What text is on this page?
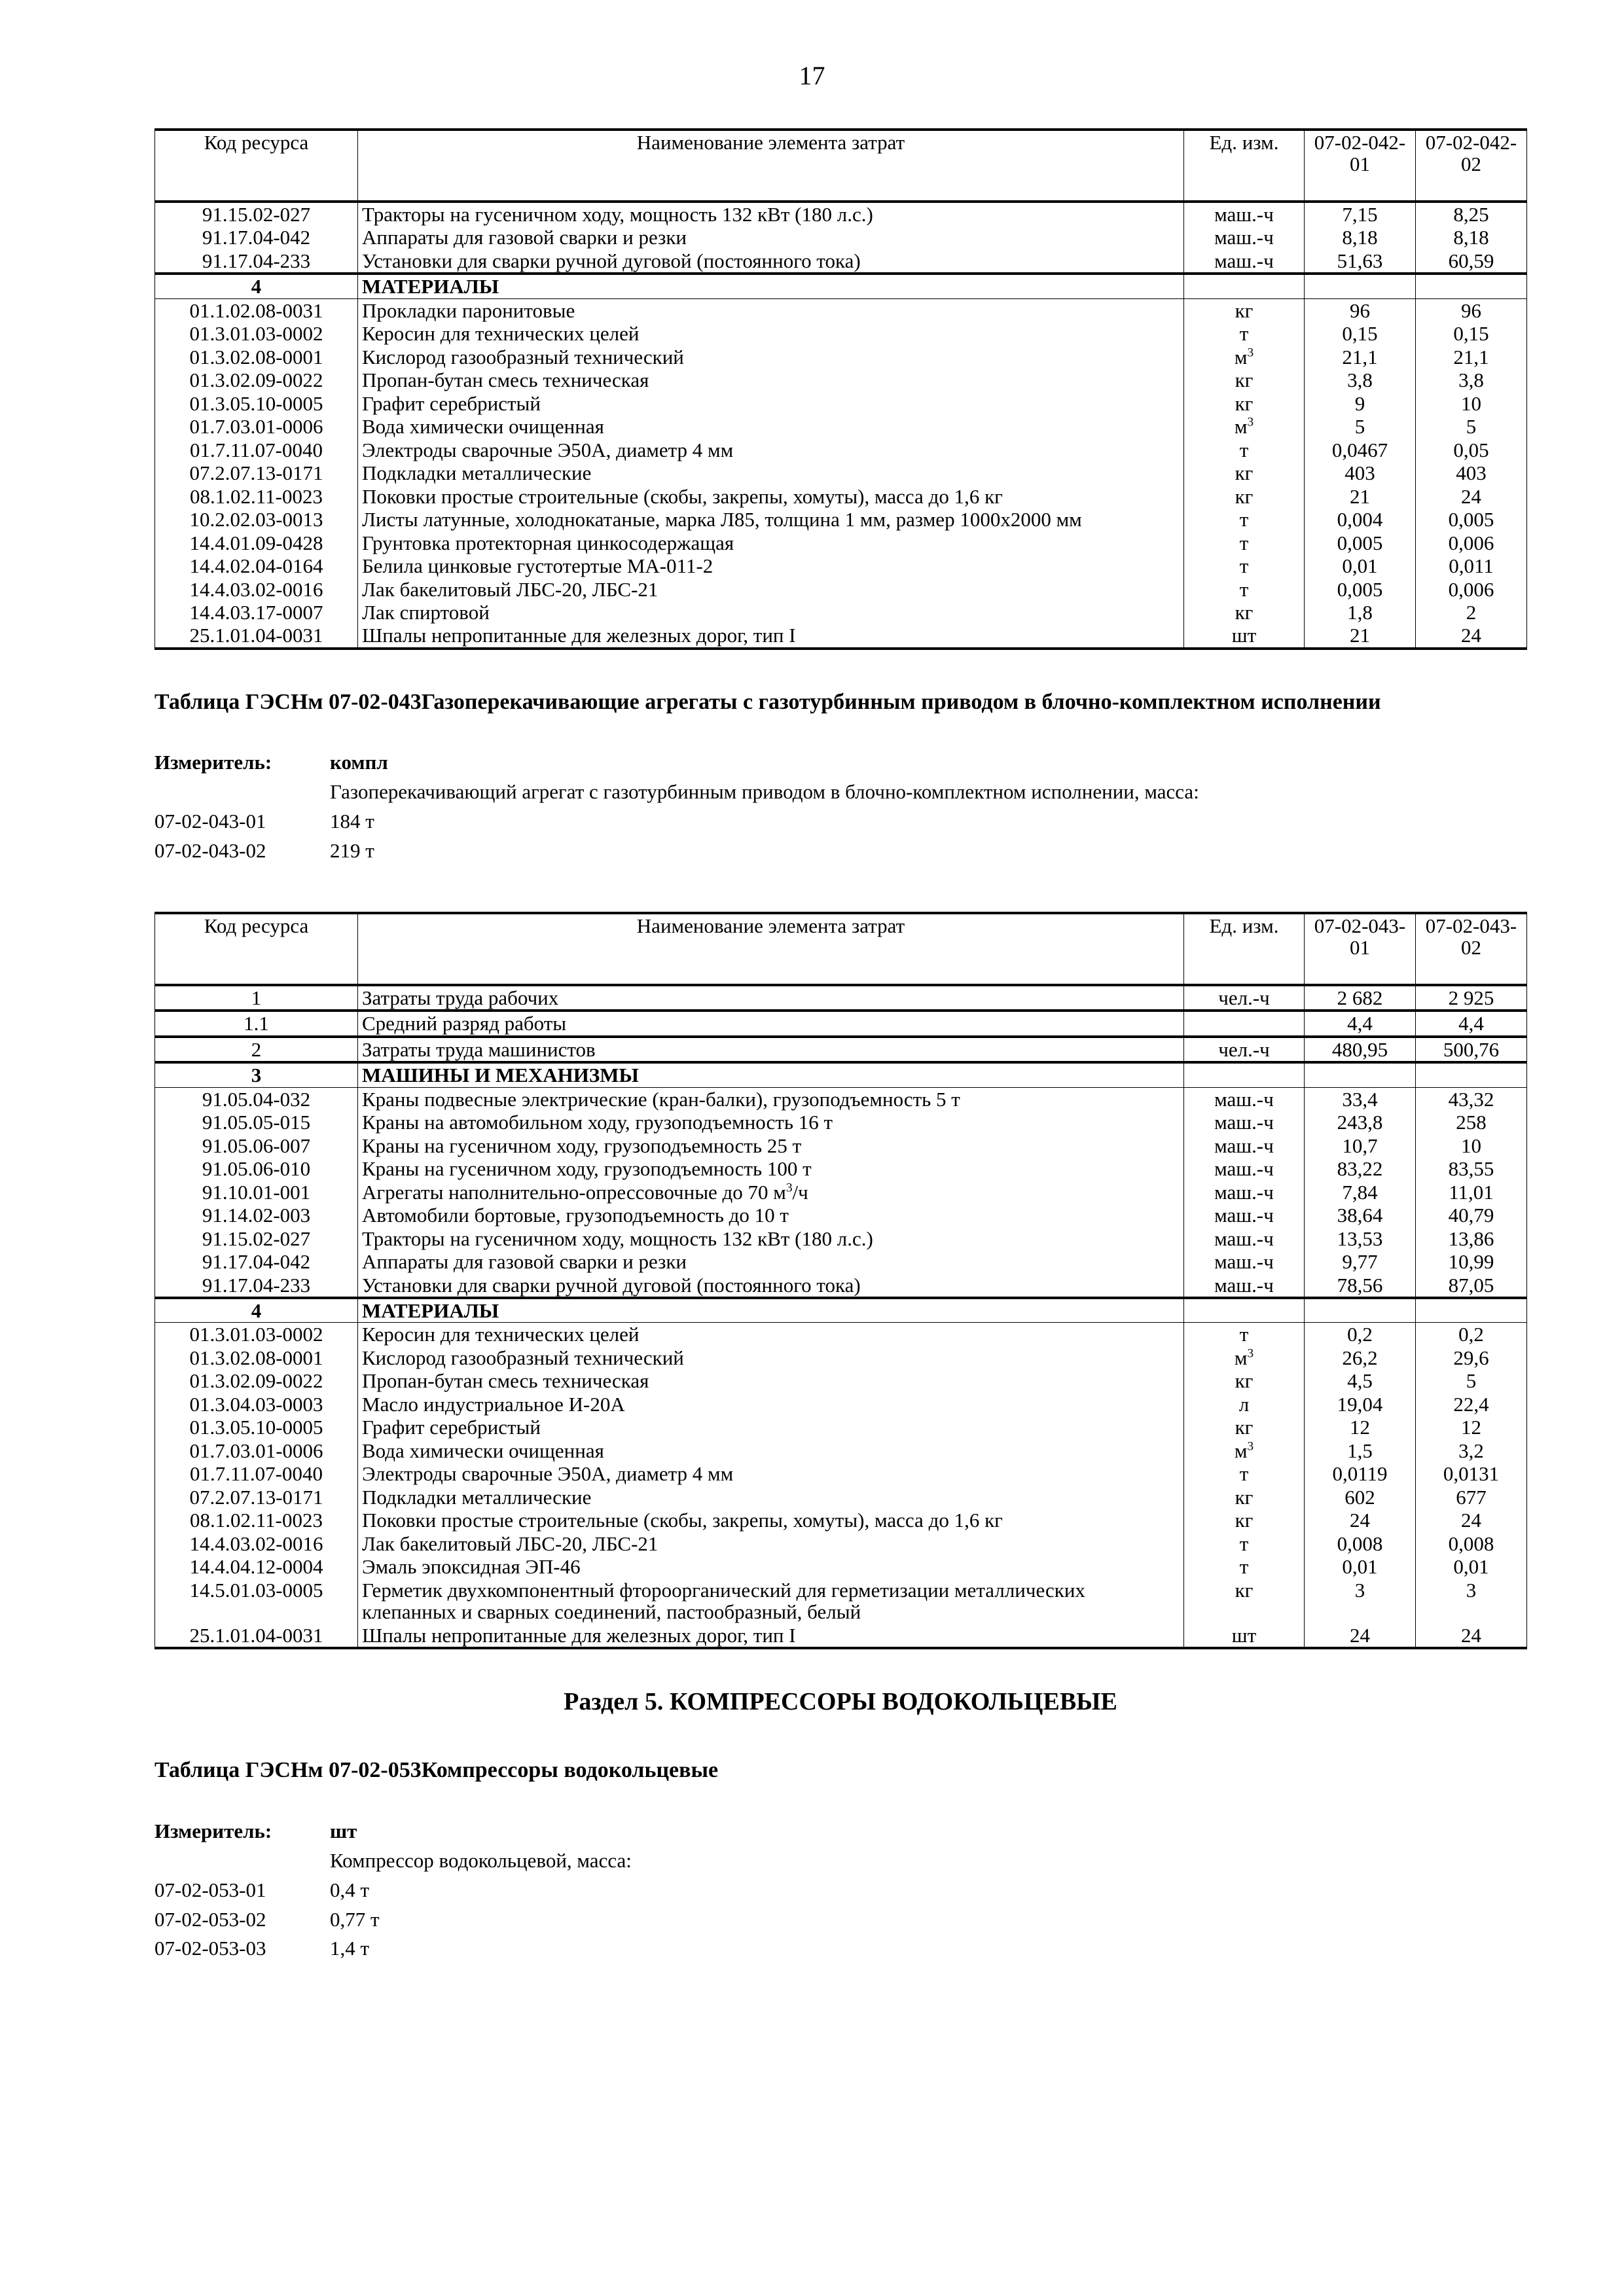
17
Код ресурса	Наименование элемента затрат	Ед. изм.	07-02-042-01	07-02-042-02
91.15.02-027	Тракторы на гусеничном ходу, мощность 132 кВт (180 л.с.)	маш.-ч	7,15	8,25
91.17.04-042	Аппараты для газовой сварки и резки	маш.-ч	8,18	8,18
91.17.04-233	Установки для сварки ручной дуговой (постоянного тока)	маш.-ч	51,63	60,59
4	МАТЕРИАЛЫ			
01.1.02.08-0031	Прокладки паронитовые	кг	96	96
01.3.01.03-0002	Керосин для технических целей	т	0,15	0,15
01.3.02.08-0001	Кислород газообразный технический	$м^3$	21,1	21,1
01.3.02.09-0022	Пропан-бутан смесь техническая	кг	3,8	3,8
01.3.05.10-0005	Графит серебристый	кг	9	10
01.7.03.01-0006	Вода химически очищенная	$м^3$	5	5
01.7.11.07-0040	Электроды сварочные Э50А, диаметр 4 мм	т	0,0467	0,05
07.2.07.13-0171	Подкладки металлические	кг	403	403
08.1.02.11-0023	Поковки простые строительные (скобы, закрепы, хомуты), масса до 1,6 кг	кг	21	24
10.2.02.03-0013	Листы латунные, холоднокатаные, марка Л85, толщина 1 мм, размер 1000х2000 мм	т	0,004	0,005
14.4.01.09-0428	Грунтовка протекторная цинкосодержащая	т	0,005	0,006
14.4.02.04-0164	Белила цинковые густотертые МА-011-2	т	0,01	0,011
14.4.03.02-0016	Лак бакелитовый ЛБС-20, ЛБС-21	т	0,005	0,006
14.4.03.17-0007	Лак спиртовой	кг	1,8	2
25.1.01.04-0031	Шпалы непропитанные для железных дорог, тип I	шт	21	24
Таблица ГЭСНм 07-02-043 Газоперекачивающие агрегаты с газотурбинным приводом в блочно-комплектном исполнении
Измеритель:	компл
Газоперекачивающий агрегат с газотурбинным приводом в блочно-комплектном исполнении, масса:
07-02-043-01	184 т
07-02-043-02	219 т
Код ресурса	Наименование элемента затрат	Ед. изм.	07-02-043-01	07-02-043-02
1	Затраты труда рабочих	чел.-ч	2 682	2 925
1.1	Средний разряд работы		4,4	4,4
2	Затраты труда машинистов	чел.-ч	480,95	500,76
3	МАШИНЫ И МЕХАНИЗМЫ			
91.05.04-032	Краны подвесные электрические (кран-балки), грузоподъемность 5 т	маш.-ч	33,4	43,32
91.05.05-015	Краны на автомобильном ходу, грузоподъемность 16 т	маш.-ч	243,8	258
91.05.06-007	Краны на гусеничном ходу, грузоподъемность 25 т	маш.-ч	10,7	10
91.05.06-010	Краны на гусеничном ходу, грузоподъемность 100 т	маш.-ч	83,22	83,55
91.10.01-001	Агрегаты наполнительно-опрессовочные до 70 $м^3/ч$	маш.-ч	7,84	11,01
91.14.02-003	Автомобили бортовые, грузоподъемность до 10 т	маш.-ч	38,64	40,79
91.15.02-027	Тракторы на гусеничном ходу, мощность 132 кВт (180 л.с.)	маш.-ч	13,53	13,86
91.17.04-042	Аппараты для газовой сварки и резки	маш.-ч	9,77	10,99
91.17.04-233	Установки для сварки ручной дуговой (постоянного тока)	маш.-ч	78,56	87,05
4	МАТЕРИАЛЫ			
01.3.01.03-0002	Керосин для технических целей	т	0,2	0,2
01.3.02.08-0001	Кислород газообразный технический	$м^3$	26,2	29,6
01.3.02.09-0022	Пропан-бутан смесь техническая	кг	4,5	5
01.3.04.03-0003	Масло индустриальное И-20А	л	19,04	22,4
01.3.05.10-0005	Графит серебристый	кг	12	12
01.7.03.01-0006	Вода химически очищенная	$м^3$	1,5	3,2
01.7.11.07-0040	Электроды сварочные Э50А, диаметр 4 мм	т	0,0119	0,0131
07.2.07.13-0171	Подкладки металлические	кг	602	677
08.1.02.11-0023	Поковки простые строительные (скобы, закрепы, хомуты), масса до 1,6 кг	кг	24	24
14.4.03.02-0016	Лак бакелитовый ЛБС-20, ЛБС-21	т	0,008	0,008
14.4.04.12-0004	Эмаль эпоксидная ЭП-46	т	0,01	0,01
14.5.01.03-0005	Герметик двухкомпонентный фтороорганический для герметизации металлических клепанных и сварных соединений, пастообразный, белый	кг	3	3
25.1.01.04-0031	Шпалы непропитанные для железных дорог, тип I	шт	24	24
Раздел 5. КОМПРЕССОРЫ ВОДОКОЛЬЦЕВЫЕ
Таблица ГЭСНм 07-02-053 Компрессоры водокольцевые
Измеритель:	шт
Компрессор водокольцевой, масса:
07-02-053-01	0,4 т
07-02-053-02	0,77 т
07-02-053-03	1,4 т
